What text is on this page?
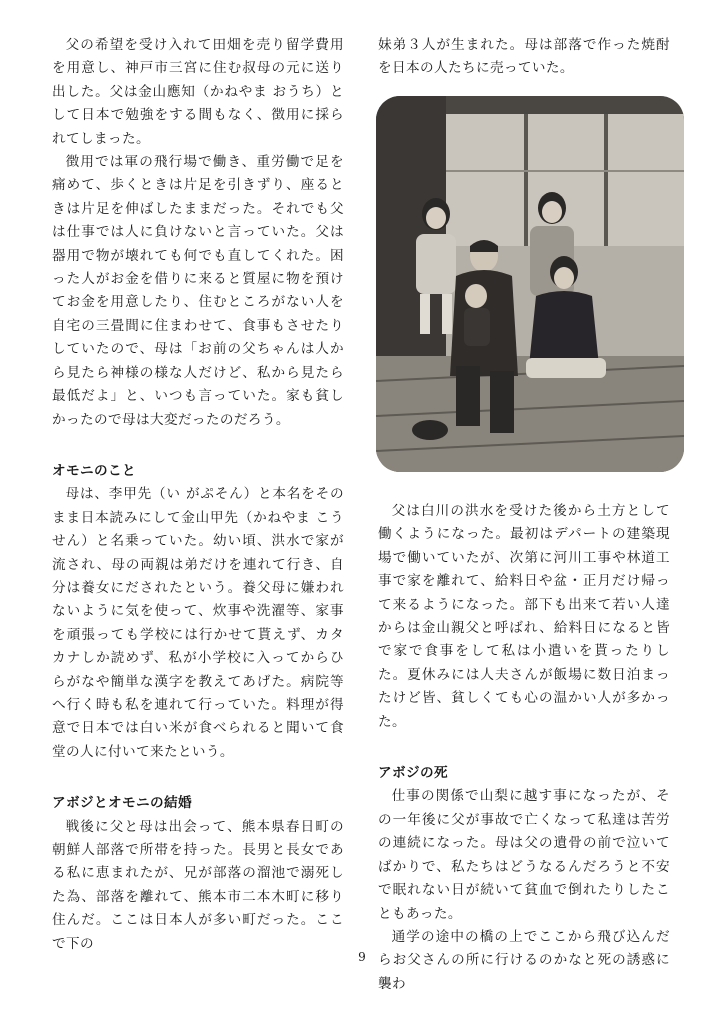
父の希望を受け入れて田畑を売り留学費用を用意し、神戸市三宮に住む叔母の元に送り出した。父は金山應知（かねやま おうち）として日本で勉強をする間もなく、徴用に採られてしまった。

徴用では軍の飛行場で働き、重労働で足を痛めて、歩くときは片足を引きずり、座るときは片足を伸ばしたままだった。それでも父は仕事では人に負けないと言っていた。父は器用で物が壊れても何でも直してくれた。困った人がお金を借りに来ると質屋に物を預けてお金を用意したり、住むところがない人を自宅の三畳間に住まわせて、食事もさせたりしていたので、母は「お前の父ちゃんは人から見たら神様の様な人だけど、私から見たら最低だよ」と、いつも言っていた。家も貧しかったので母は大変だったのだろう。

オモニのこと

母は、李甲先（い がぷそん）と本名をそのまま日本読みにして金山甲先（かねやま こうせん）と名乗っていた。幼い頃、洪水で家が流され、母の両親は弟だけを連れて行き、自分は養女にだされたという。養父母に嫌われないように気を使って、炊事や洗濯等、家事を頑張っても学校には行かせて貰えず、カタカナしか読めず、私が小学校に入ってからひらがなや簡単な漢字を教えてあげた。病院等へ行く時も私を連れて行っていた。料理が得意で日本では白い米が食べられると聞いて食堂の人に付いて来たという。

アボジとオモニの結婚

戦後に父と母は出会って、熊本県春日町の朝鮮人部落で所帯を持った。長男と長女である私に恵まれたが、兄が部落の溜池で溺死した為、部落を離れて、熊本市二本木町に移り住んだ。ここは日本人が多い町だった。ここで下の

妹弟３人が生まれた。母は部落で作った焼酎を日本の人たちに売っていた。

父は白川の洪水を受けた後から土方として働くようになった。最初はデパートの建築現場で働いていたが、次第に河川工事や林道工事で家を離れて、給料日や盆・正月だけ帰って来るようになった。部下も出来て若い人達からは金山親父と呼ばれ、給料日になると皆で家で食事をして私は小遣いを貰ったりした。夏休みには人夫さんが飯場に数日泊まったけど皆、貧しくても心の温かい人が多かった。

アボジの死

仕事の関係で山梨に越す事になったが、その一年後に父が事故で亡くなって私達は苦労の連続になった。母は父の遺骨の前で泣いてばかりで、私たちはどうなるんだろうと不安で眠れない日が続いて貧血で倒れたりしたこともあった。

通学の途中の橋の上でここから飛び込んだらお父さんの所に行けるのかなと死の誘惑に襲わ

9
